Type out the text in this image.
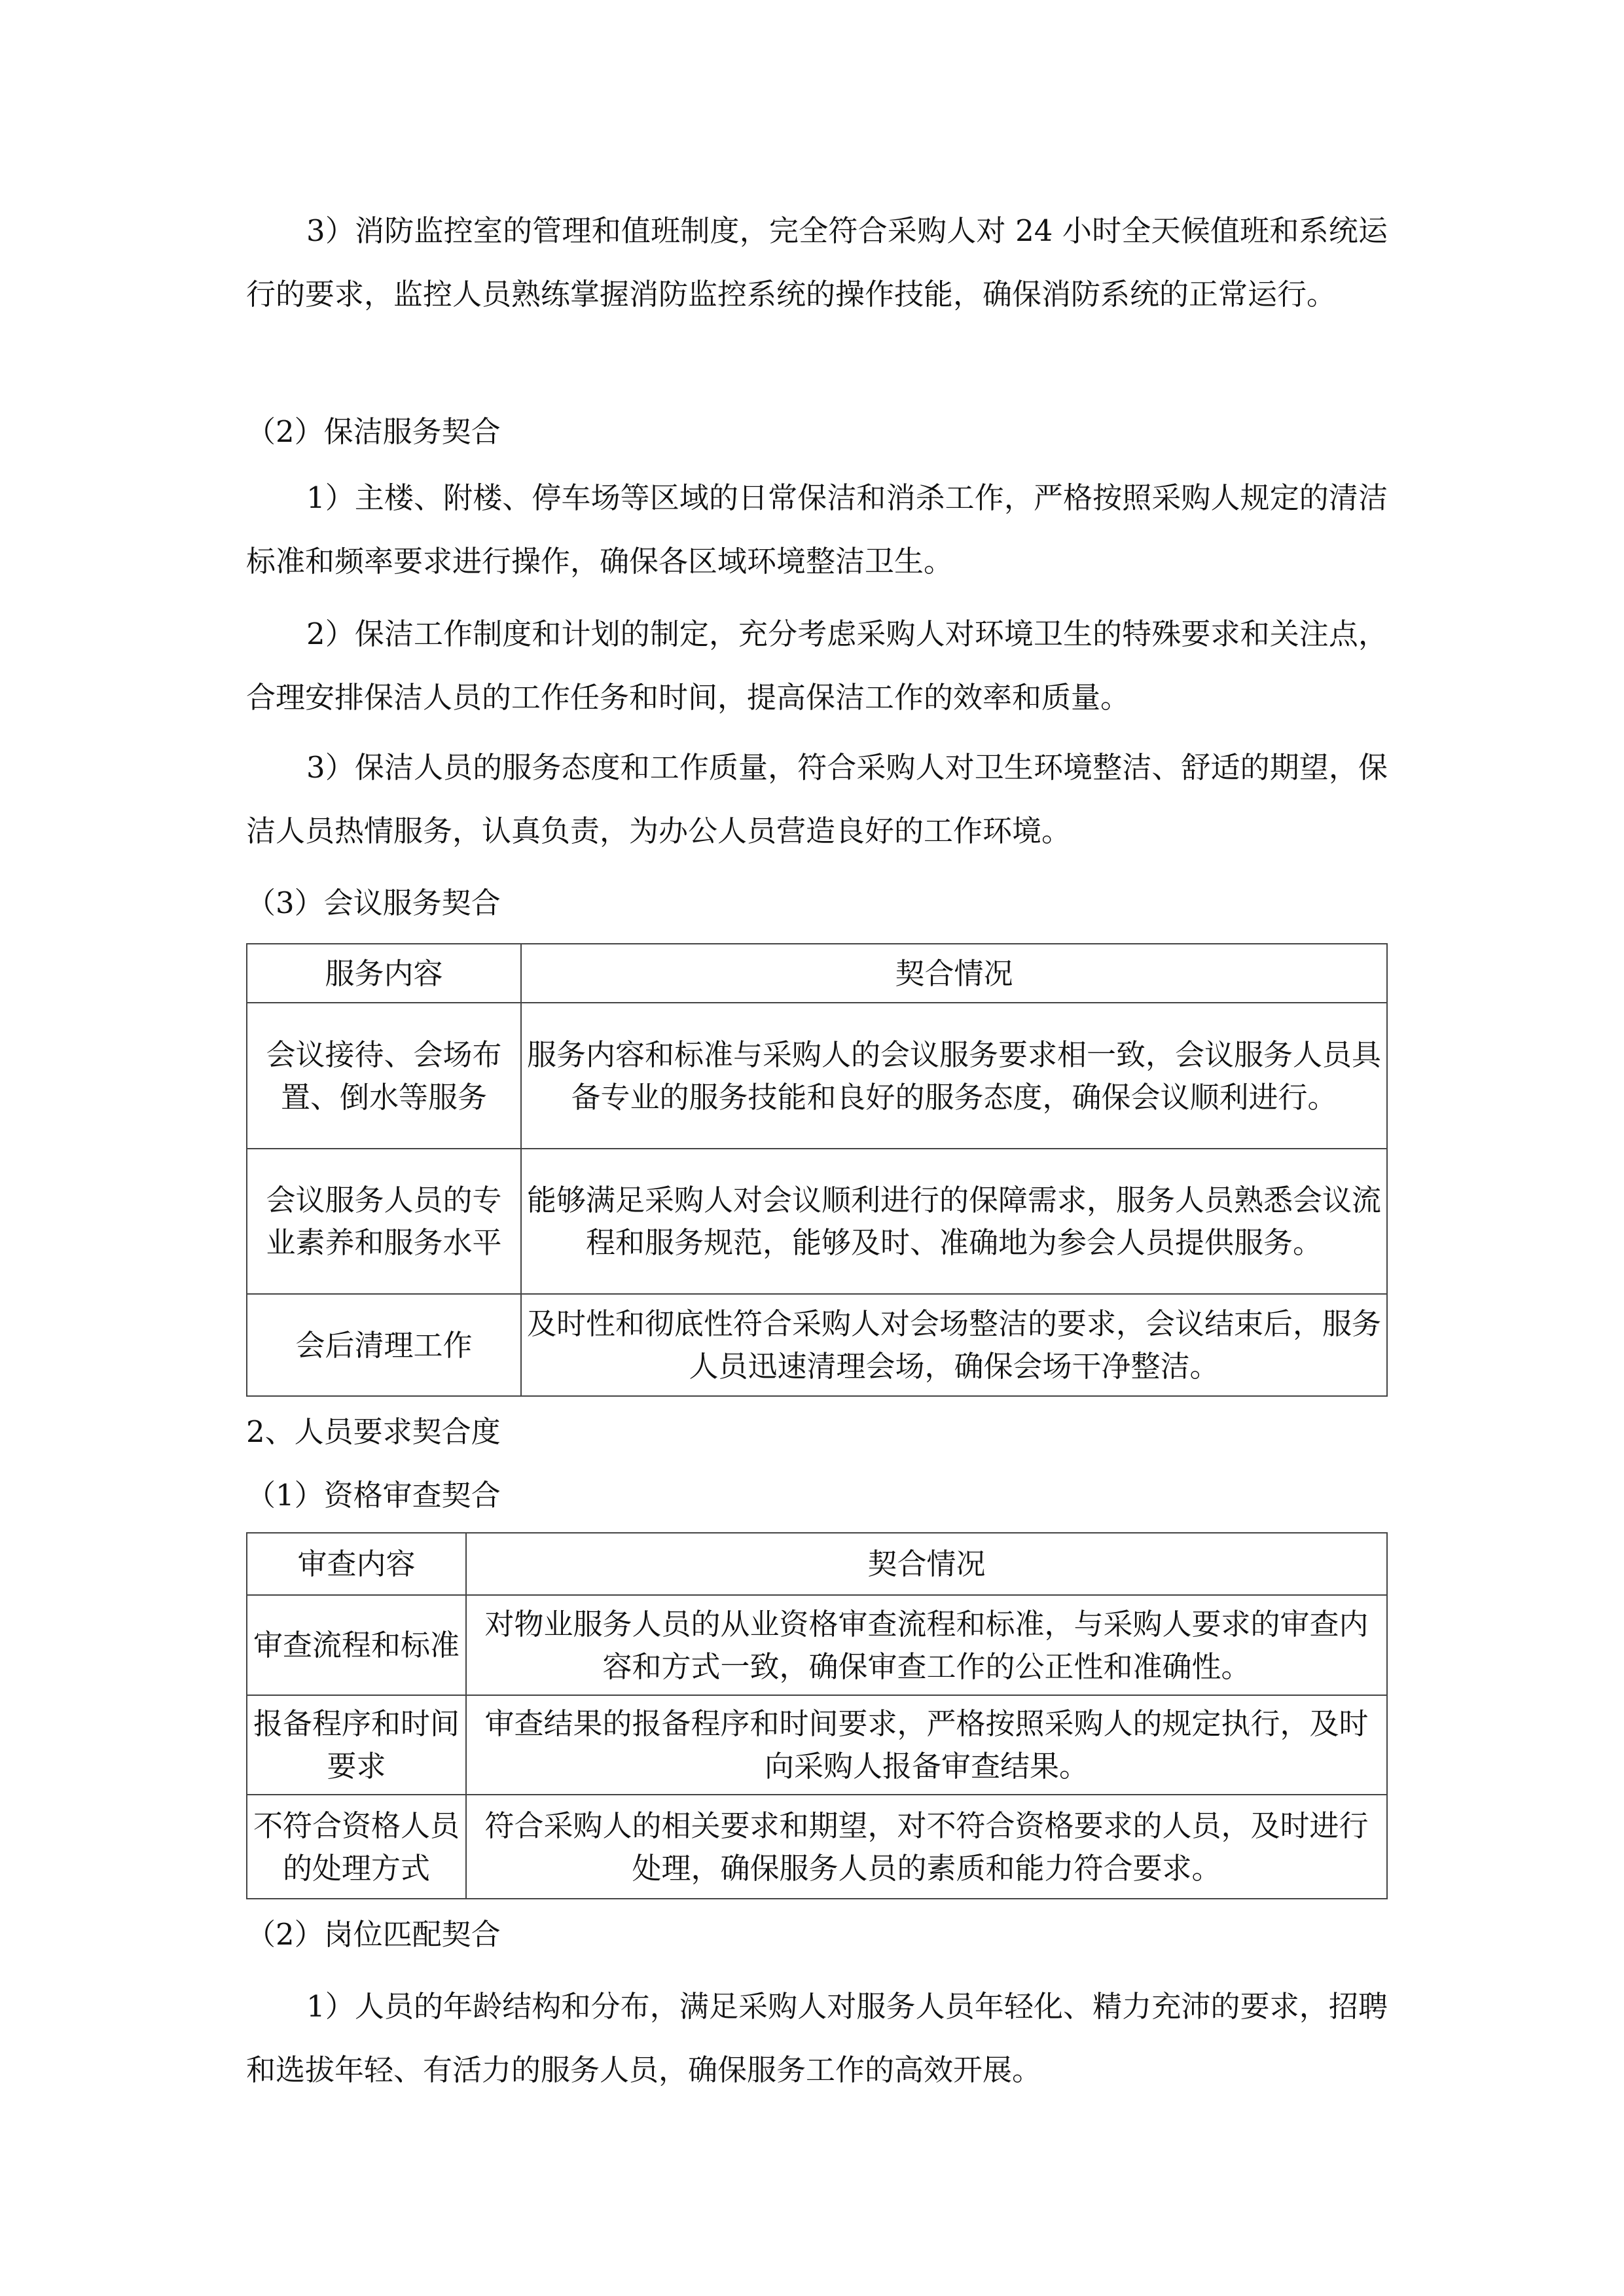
3）消防监控室的管理和值班制度，完全符合采购人对 24 小时全天候值班和系统运行的要求，监控人员熟练掌握消防监控系统的操作技能，确保消防系统的正常运行。
（2）保洁服务契合
1）主楼、附楼、停车场等区域的日常保洁和消杀工作，严格按照采购人规定的清洁标准和频率要求进行操作，确保各区域环境整洁卫生。
2）保洁工作制度和计划的制定，充分考虑采购人对环境卫生的特殊要求和关注点，合理安排保洁人员的工作任务和时间，提高保洁工作的效率和质量。
3）保洁人员的服务态度和工作质量，符合采购人对卫生环境整洁、舒适的期望，保洁人员热情服务，认真负责，为办公人员营造良好的工作环境。
（3）会议服务契合
服务内容	契合情况
会议接待、会场布置、倒水等服务	服务内容和标准与采购人的会议服务要求相一致，会议服务人员具备专业的服务技能和良好的服务态度，确保会议顺利进行。
会议服务人员的专业素养和服务水平	能够满足采购人对会议顺利进行的保障需求，服务人员熟悉会议流程和服务规范，能够及时、准确地为参会人员提供服务。
会后清理工作	及时性和彻底性符合采购人对会场整洁的要求，会议结束后，服务人员迅速清理会场，确保会场干净整洁。
2、人员要求契合度
（1）资格审查契合
审查内容	契合情况
审查流程和标准	对物业服务人员的从业资格审查流程和标准，与采购人要求的审查内容和方式一致，确保审查工作的公正性和准确性。
报备程序和时间要求	审查结果的报备程序和时间要求，严格按照采购人的规定执行，及时向采购人报备审查结果。
不符合资格人员的处理方式	符合采购人的相关要求和期望，对不符合资格要求的人员，及时进行处理，确保服务人员的素质和能力符合要求。
（2）岗位匹配契合
1）人员的年龄结构和分布，满足采购人对服务人员年轻化、精力充沛的要求，招聘和选拔年轻、有活力的服务人员，确保服务工作的高效开展。
